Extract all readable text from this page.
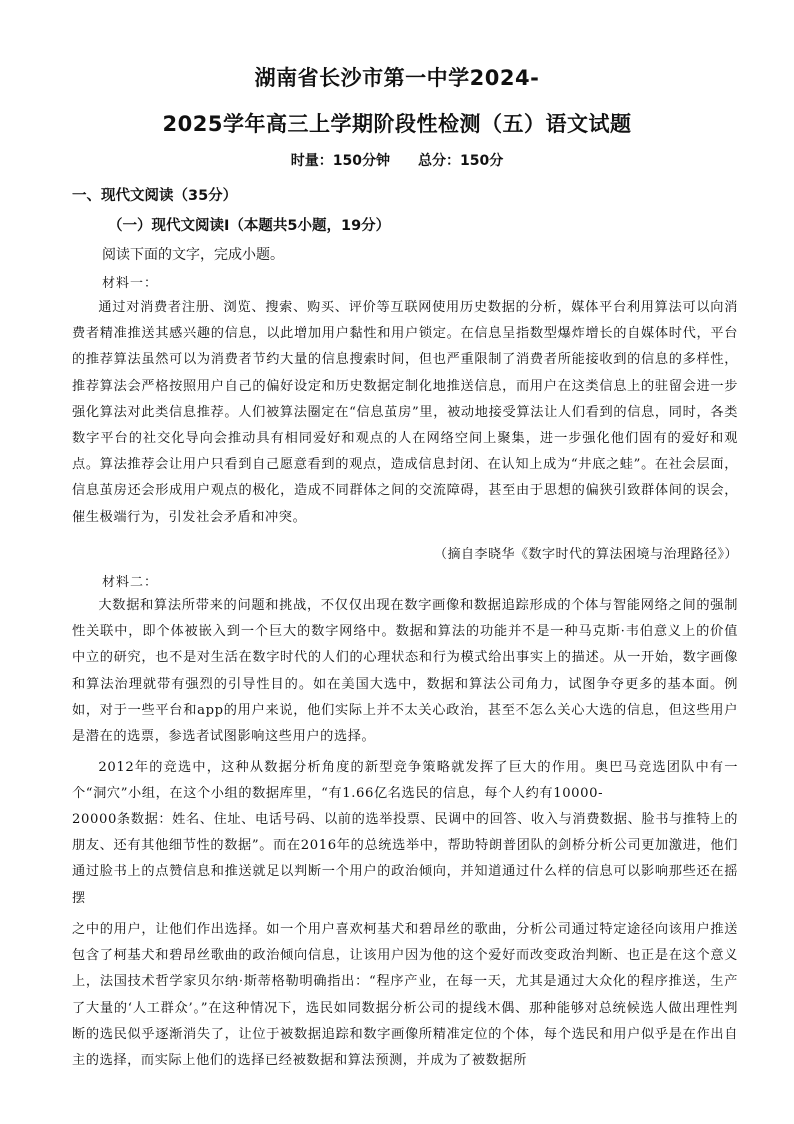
湖南省长沙市第一中学2024-
2025学年高三上学期阶段性检测（五）语文试题
时量：150分钟 总分：150分
一、现代文阅读（35分）
（一）现代文阅读Ⅰ（本题共5小题，19分）
阅读下面的文字，完成小题。
材料一：

通过对消费者注册、浏览、搜索、购买、评价等互联网使用历史数据的分析，媒体平台利用算法可以向消费者精准推送其感兴趣的信息，以此增加用户黏性和用户锁定。在信息呈指数型爆炸增长的自媒体时代，平台的推荐算法虽然可以为消费者节约大量的信息搜索时间，但也严重限制了消费者所能接收到的信息的多样性，推荐算法会严格按照用户自己的偏好设定和历史数据定制化地推送信息，而用户在这类信息上的驻留会进一步强化算法对此类信息推荐。人们被算法圈定在“信息茧房”里，被动地接受算法让人们看到的信息，同时，各类数字平台的社交化导向会推动具有相同爱好和观点的人在网络空间上聚集，进一步强化他们固有的爱好和观点。算法推荐会让用户只看到自己愿意看到的观点，造成信息封闭、在认知上成为“井底之蛙”。在社会层面，信息茧房还会形成用户观点的极化，造成不同群体之间的交流障碍，甚至由于思想的偏狭引致群体间的误会，催生极端行为，引发社会矛盾和冲突。

（摘自李晓华《数字时代的算法困境与治理路径》）
材料二：

大数据和算法所带来的问题和挑战，不仅仅出现在数字画像和数据追踪形成的个体与智能网络之间的强制性关联中，即个体被嵌入到一个巨大的数字网络中。数据和算法的功能并不是一种马克斯·韦伯意义上的价值中立的研究，也不是对生活在数字时代的人们的心理状态和行为模式给出事实上的描述。从一开始，数字画像和算法治理就带有强烈的引导性目的。如在美国大选中，数据和算法公司角力，试图争夺更多的基本面。例如，对于一些平台和app的用户来说，他们实际上并不太关心政治，甚至不怎么关心大选的信息，但这些用户是潜在的选票，参选者试图影响这些用户的选择。

2012年的竞选中，这种从数据分析角度的新型竞争策略就发挥了巨大的作用。奥巴马竞选团队中有一个“洞穴”小组，在这个小组的数据库里，“有1.66亿名选民的信息，每个人约有10000-

20000条数据：姓名、住址、电话号码、以前的选举投票、民调中的回答、收入与消费数据、脸书与推特上的朋友、还有其他细节性的数据”。而在2016年的总统选举中，帮助特朗普团队的剑桥分析公司更加激进，他们通过脸书上的点赞信息和推送就足以判断一个用户的政治倾向，并知道通过什么样的信息可以影响那些还在摇摆

之中的用户，让他们作出选择。如一个用户喜欢柯基犬和碧昂丝的歌曲，分析公司通过特定途径向该用户推送包含了柯基犬和碧昂丝歌曲的政治倾向信息，让该用户因为他的这个爱好而改变政治判断、也正是在这个意义上，法国技术哲学家贝尔纳·斯蒂格勒明确指出：“程序产业，在每一天，尤其是通过大众化的程序推送，生产了大量的‘人工群众’。”在这种情况下，选民如同数据分析公司的提线木偶、那种能够对总统候选人做出理性判断的选民似乎逐渐消失了，让位于被数据追踪和数字画像所精准定位的个体，每个选民和用户似乎是在作出自主的选择，而实际上他们的选择已经被数据和算法预测，并成为了被数据所
